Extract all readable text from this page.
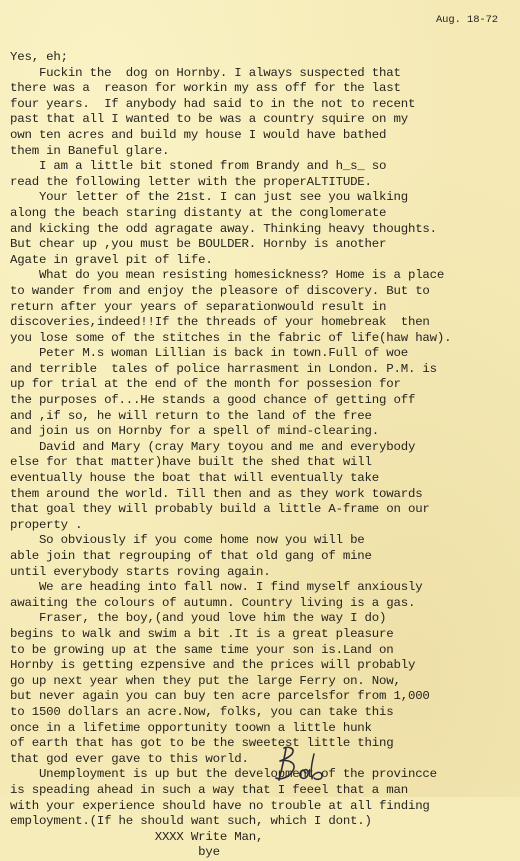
Aug. 18-72
Yes, eh;
Fuckin the  dog on Hornby. I always suspected that
there was a  reason for workin my ass off for the last
four years.  If anybody had said to in the not to recent
past that all I wanted to be was a country squire on my
own ten acres and build my house I would have bathed
them in Baneful glare.
I am a little bit stoned from Brandy and h_s_ so
read the following letter with the properALTITUDE.
Your letter of the 21st. I can just see you walking
along the beach staring distanty at the conglomerate
and kicking the odd agragate away. Thinking heavy thoughts.
But chear up ,you must be BOULDER. Hornby is another
Agate in gravel pit of life.
What do you mean resisting homesickness? Home is a place
to wander from and enjoy the pleasore of discovery. But to
return after your years of separationwould result in
discoveries,indeed!!If the threads of your homebreak  then
you lose some of the stitches in the fabric of life(haw haw).
Peter M.s woman Lillian is back in town.Full of woe
and terrible  tales of police harrasment in London. P.M. is
up for trial at the end of the month for possesion for
the purposes of...He stands a good chance of getting off
and ,if so, he will return to the land of the free
and join us on Hornby for a spell of mind-clearing.
David and Mary (cray Mary toyou and me and everybody
else for that matter)have built the shed that will
eventually house the boat that will eventually take
them around the world. Till then and as they work towards
that goal they will probably build a little A-frame on our
property .
So obviously if you come home now you will be
able join that regrouping of that old gang of mine
until everybody starts roving again.
We are heading into fall now. I find myself anxiously
awaiting the colours of autumn. Country living is a gas.
Fraser, the boy,(and youd love him the way I do)
begins to walk and swim a bit .It is a great pleasure
to be growing up at the same time your son is.Land on
Hornby is getting ezpensive and the prices will probably
go up next year when they put the large Ferry on. Now,
but never again you can buy ten acre parcelsfor from 1,000
to 1500 dollars an acre.Now, folks, you can take this
once in a lifetime opportunity toown a little hunk
of earth that has got to be the sweetest little thing
that god ever gave to this world.
Unemployment is up but the development of the provincce
is speading ahead in such a way that I feeel that a man
with your experience should have no trouble at all finding
employment.(If he should want such, which I dont.)
XXXX Write Man,
bye
